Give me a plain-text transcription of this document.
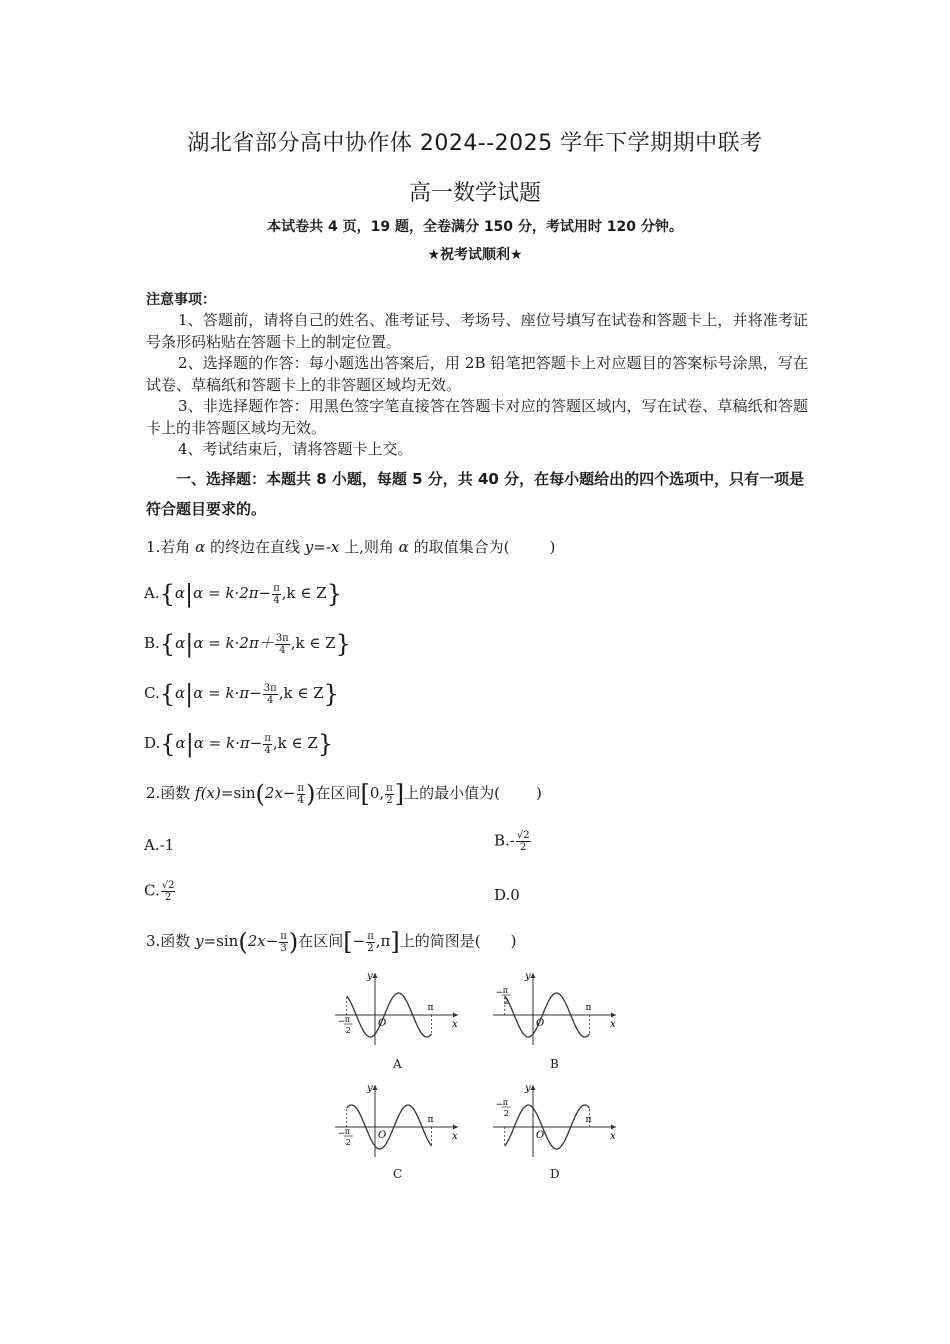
湖北省部分高中协作体 2024--2025 学年下学期期中联考
高一数学试题
本试卷共 4 页，19 题，全卷满分 150 分，考试用时 120 分钟。
★祝考试顺利★
注意事项：

1、答题前，请将自己的姓名、准考证号、考场号、座位号填写在试卷和答题卡上，并将准考证号条形码粘贴在答题卡上的制定位置。

2、选择题的作答：每小题选出答案后，用 2B 铅笔把答题卡上对应题目的答案标号涂黑，写在试卷、草稿纸和答题卡上的非答题区域均无效。

3、非选择题作答：用黑色签字笔直接答在答题卡对应的答题区域内，写在试卷、草稿纸和答题卡上的非答题区域均无效。

4、考试结束后，请将答题卡上交。

一、选择题：本题共 8 小题，每题 5 分，共 40 分，在每小题给出的四个选项中，只有一项是符合题目要求的。
1.若角 α 的终边在直线 y=-x 上,则角 α 的取值集合为(	)
$A.\{\alpha|\alpha = k\cdot 2\pi- \frac{\pi}{4} ,k$ ∈ Z}
$B.\{\alpha|\alpha = k\cdot 2\pi+ \frac{3\pi}{4} ,k$ ∈ Z}
$C.\{\alpha|\alpha = k\cdot\pi- \frac{3\pi}{4} ,k$ ∈ Z}
$D.\{\alpha|\alpha = k\cdot\pi- \frac{\pi}{4} ,k$ ∈ Z}
2.函数 $f(x)=\sin(2x- \frac{\pi}{4}$ )在区间[0, $\frac{\pi}{2}$ ]上的最小值为( )
A.-1	$B.- \frac{√2}{2}$
C. $\frac{√2}{2}$	D.0
3.函数 $y=\sin(2x- \frac{\pi}{3}$ )在区间[− $\frac{\pi}{2} ,\pi$]上的简图是( )
y
x
O
π
− π
2
A
y
x
O
π
− π
2
B
y
x
O
π
− π
2
C
y
x
O
π
− π
2
D
